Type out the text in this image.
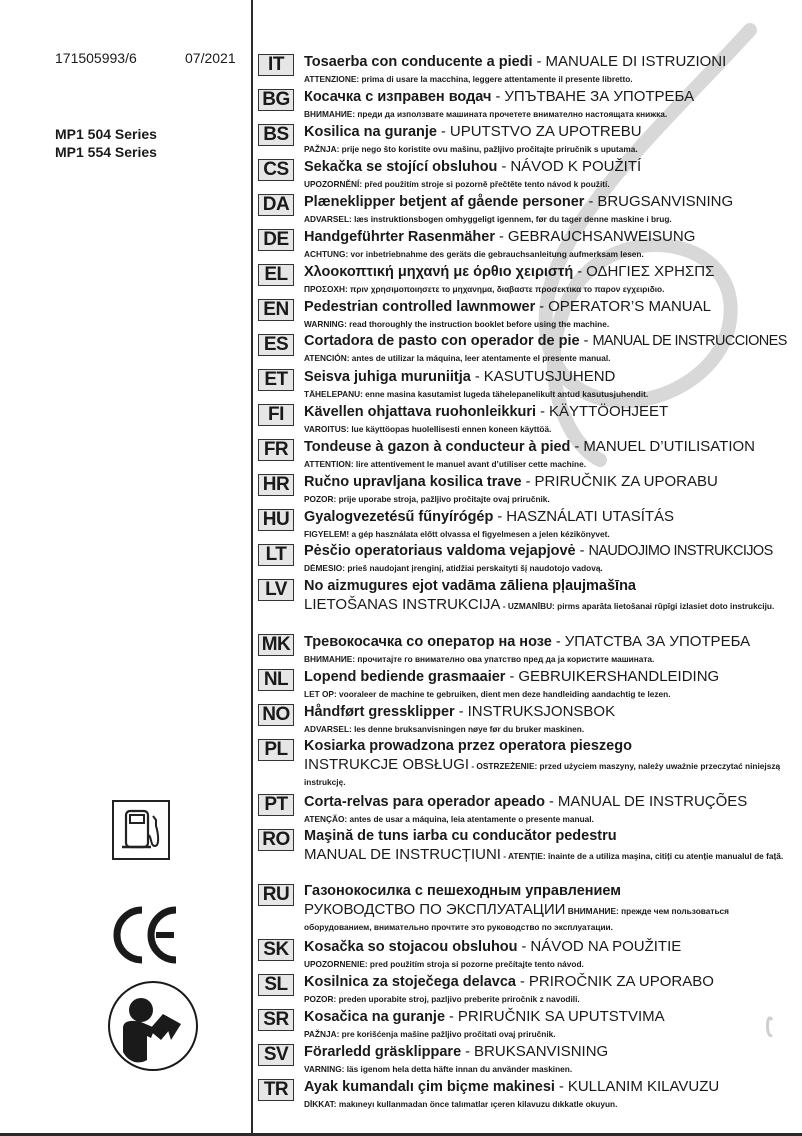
171505993/6	07/2021
MP1 504 Series
MP1 554 Series
IT	Tosaerba con conducente a piedi - MANUALE DI ISTRUZIONI
ATTENZIONE: prima di usare la macchina, leggere attentamente il presente libretto.
BG Косачка с изправен водач - УПЪТВАНЕ ЗА УПОТРЕБА
ВНИМАНИЕ: преди да използвате машината прочетете внимателно настоящата книжка.
BS	Kosilica na guranje - UPUTSTVO ZA UPOTREBU
PAŽNJA: prije nego što koristite ovu mašinu, pažljivo pročitajte priručnik s uputama.
CS	Sekačka se stojící obsluhou - NÁVOD K POUŽITÍ
UPOZORNĚNÍ: před použitím stroje si pozorně přečtěte tento návod k použití.
DA	Plæneklipper betjent af gående personer - BRUGSANVISNING
ADVARSEL: læs instruktionsbogen omhyggeligt igennem, før du tager denne maskine i brug.
DE	Handgeführter Rasenmäher - GEBRAUCHSANWEISUNG
ACHTUNG: vor inbetriebnahme des geräts die gebrauchsanleitung aufmerksam lesen.
EL	Χλοοκοπτική μηχανή με όρθιο χειριστή - ΟΔΗΓΙΕΣ ΧΡΗΣΠΣ
ΠΡΟΣΟΧΗ: πριν χρησιμοποιησετε το μηχανημα, διαβαστε προσεκτικα το παρον εγχειριδιο.
EN	Pedestrian controlled lawnmower - OPERATOR’S MANUAL
WARNING: read thoroughly the instruction booklet before using the machine.
ES	Cortadora de pasto con operador de pie - MANUAL DE INSTRUCCIONES
ATENCIÓN: antes de utilizar la máquina, leer atentamente el presente manual.
ET	Seisva juhiga muruniitja - KASUTUSJUHEND
TÄHELEPANU: enne masina kasutamist lugeda tähelepanelikult antud kasutusjuhendit.
FI	Kävellen ohjattava ruohonleikkuri - KÄYTTÖOHJEET
VAROITUS: lue käyttöopas huolellisesti ennen koneen käyttöä.
FR	Tondeuse à gazon à conducteur à pied - MANUEL D’UTILISATION
ATTENTION: lire attentivement le manuel avant d’utiliser cette machine.
HR	Ručno upravljana kosilica trave - PRIRUČNIK ZA UPORABU
POZOR: prije uporabe stroja, pažljivo pročitajte ovaj priručnik.
HU	Gyalogvezetésű fűnyírógép - HASZNÁLATI UTASÍTÁS
FIGYELEM! a gép használata előtt olvassa el figyelmesen a jelen kézikönyvet.
LT	Pėsčio operatoriaus valdoma vejapjovė - NAUDOJIMO INSTRUKCIJOS
DĖMESIO: prieš naudojant įrenginį, atidžiai perskaityti šį naudotojo vadovą.
LV	No aizmugures ejot vadāma zāliena pļaujmašīna
LIETOŠANAS INSTRUKCIJA - UZMANĪBU: pirms aparāta lietošanai rūpīgi izlasiet doto instrukciju.
MK Тревокосачка со оператор на нозе - УПАТСТВА ЗА УПОТРЕБА
ВНИМАНИЕ: прочитајте го внимателно ова упатство пред да ја користите машината.
NL	Lopend bediende grasmaaier - GEBRUIKERSHANDLEIDING
LET OP: vooraleer de machine te gebruiken, dient men deze handleiding aandachtig te lezen.
NO Håndført gressklipper - INSTRUKSJONSBOK
ADVARSEL: les denne bruksanvisningen nøye før du bruker maskinen.
PL	Kosiarka prowadzona przez operatora pieszego
INSTRUKCJE OBSŁUGI - OSTRZEŻENIE: przed użyciem maszyny, należy uważnie przeczytać niniejszą instrukcję.
PT	Corta-relvas para operador apeado - MANUAL DE INSTRUÇÕES
ATENÇÃO: antes de usar a máquina, leia atentamente o presente manual.
RO Maşină de tuns iarba cu conducător pedestru
MANUAL DE INSTRUCȚIUNI - ATENȚIE: înainte de a utiliza maşina, citiți cu atenție manualul de față.
RU	Газонокосилка с пешеходным управлением
РУКОВОДСТВО ПО ЭКСПЛУАТАЦИИ ВНИМАНИЕ: прежде чем пользоваться оборудованием, внимательно прочтите это руководство по эксплуатации.
SK	Kosačka so stojacou obsluhou - NÁVOD NA POUŽITIE
UPOZORNENIE: pred použitím stroja si pozorne prečítajte tento návod.
SL	Kosilnica za stoječega delavca - PRIROČNIK ZA UPORABO
POZOR: preden uporabite stroj, pazljivo preberite priročnik z navodili.
SR	Kosačica na guranje - PRIRUČNIK SA UPUTSTVIMA
PAŽNJA: pre korišćenja mašine pažljivo pročitati ovaj priručnik.
SV	Förarledd gräsklippare - BRUKSANVISNING
VARNING: läs igenom hela detta häfte innan du använder maskinen.
TR	Ayak kumandalı çim biçme makinesi - KULLANIM KILAVUZU
DİKKAT: makıneyı kullanmadan önce talımatlar ıçeren kilavuzu dıkkatle okuyun.
